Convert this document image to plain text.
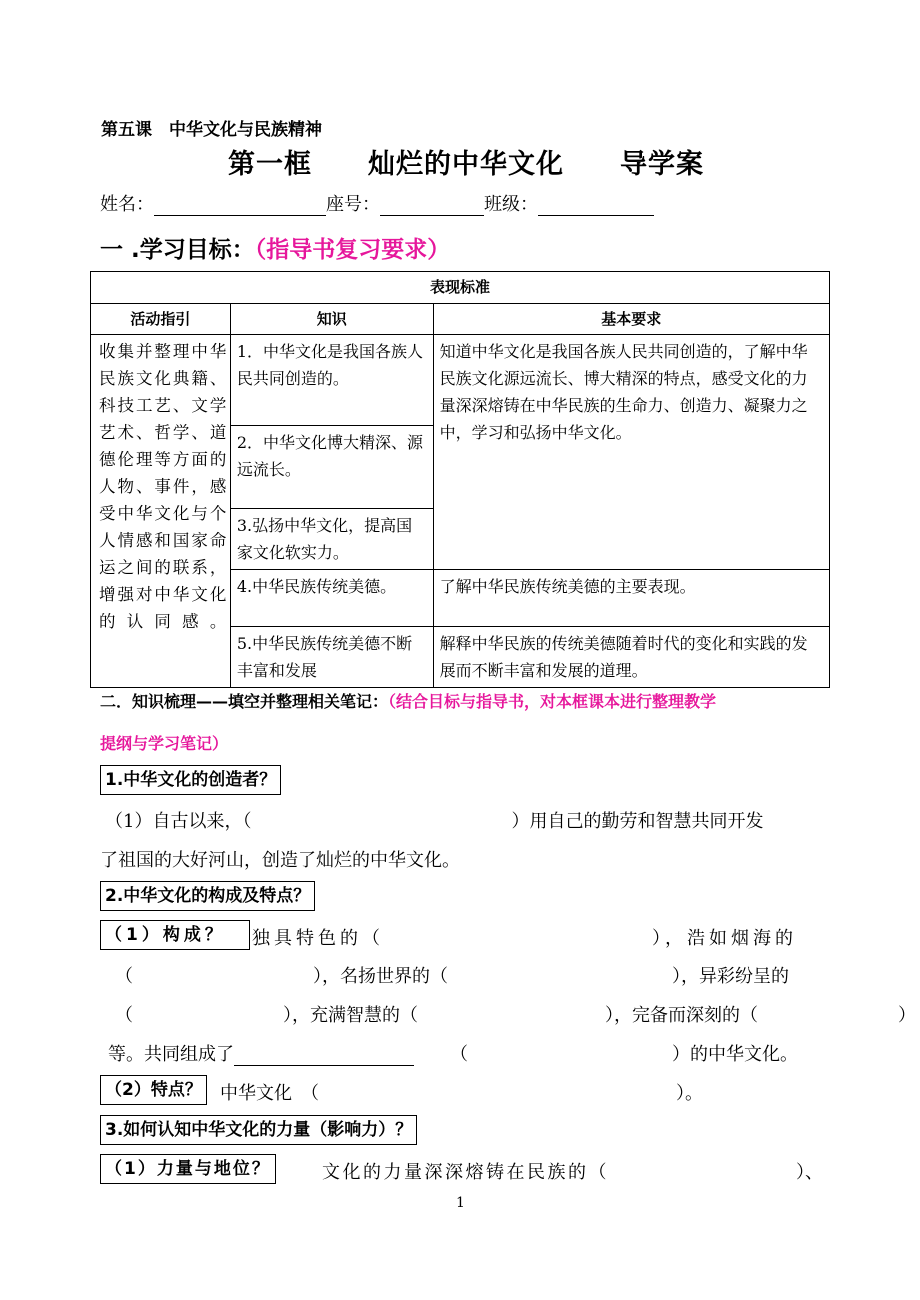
第五课　中华文化与民族精神
第一框　　灿烂的中华文化　　导学案
姓名：	座号：	班级：
一 .学习目标：（指导书复习要求）
表现标准		
活动指引	知识	基本要求
收集并整理中华民族文化典籍、科技工艺、文学艺术、哲学、道德伦理等方面的人物、事件，感受中华文化与个人情感和国家命运之间的联系，增强对中华文化的认同感。	1．中华文化是我国各族人民共同创造的。	知道中华文化是我国各族人民共同创造的，了解中华民族文化源远流长、博大精深的特点，感受文化的力量深深熔铸在中华民族的生命力、创造力、凝聚力之中，学习和弘扬中华文化。
	2．中华文化博大精深、源远流长。	
	3.弘扬中华文化，提高国家文化软实力。	
	4.中华民族传统美德。	了解中华民族传统美德的主要表现。
	5.中华民族传统美德不断丰富和发展	解释中华民族的传统美德随着时代的变化和实践的发展而不断丰富和发展的道理。
二．知识梳理——填空并整理相关笔记：（结合目标与指导书，对本框课本进行整理教学
提纲与学习笔记）
1.中华文化的创造者？
（1）自古以来，（	）用自己的勤劳和智慧共同开发
了祖国的大好河山，创造了灿烂的中华文化。
2.中华文化的构成及特点？
（1）构成？	独具特色的（	），浩如烟海的
（	），名扬世界的（	），异彩纷呈的
（	），充满智慧的（	），完备而深刻的（	）
等。共同组成了	（	）的中华文化。
（2）特点？ 中华文化　（	）。
3.如何认知中华文化的力量（影响力）？
（1）力量与地位？	文化的力量深深熔铸在民族的（	）、
1
